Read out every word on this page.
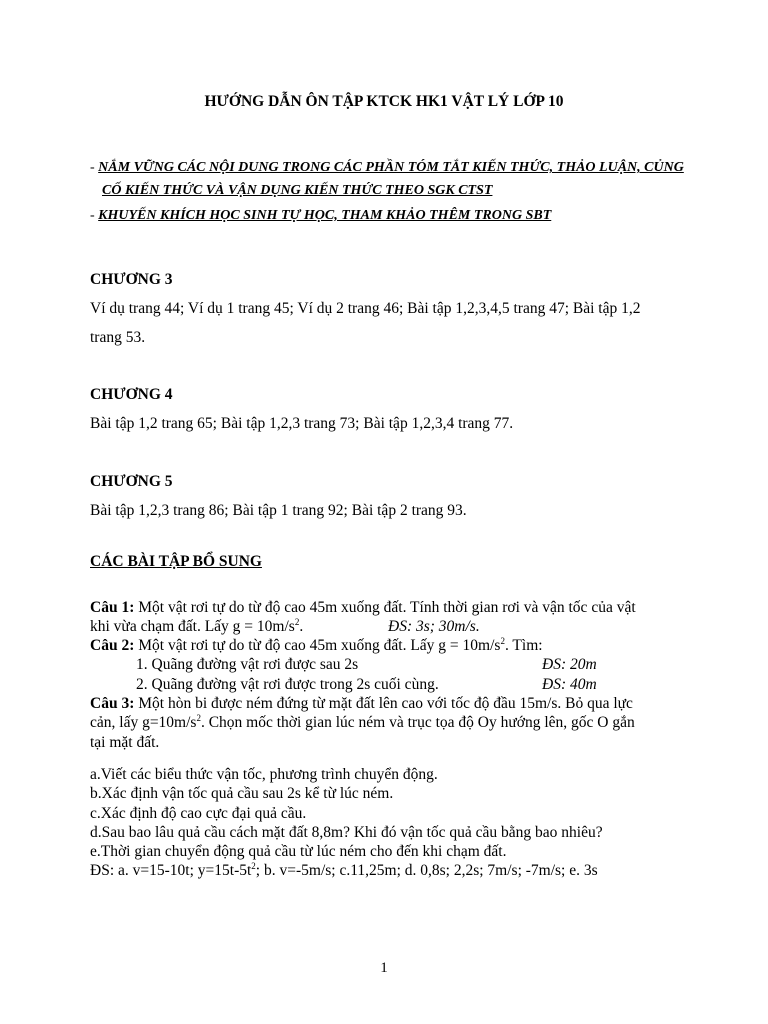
HƯỚNG DẪN ÔN TẬP KTCK HK1 VẬT LÝ LỚP 10
- NẮM VỮNG CÁC NỘI DUNG TRONG CÁC PHẦN TÓM TẮT KIẾN THỨC, THẢO LUẬN, CỦNG
CỐ KIẾN THỨC VÀ VẬN DỤNG KIẾN THỨC THEO SGK CTST
- KHUYẾN KHÍCH HỌC SINH TỰ HỌC, THAM KHẢO THÊM TRONG SBT
CHƯƠNG 3
Ví dụ trang 44; Ví dụ 1 trang 45; Ví dụ 2 trang 46; Bài tập 1,2,3,4,5 trang 47; Bài tập 1,2
trang 53.
CHƯƠNG 4
Bài tập 1,2 trang 65; Bài tập 1,2,3 trang 73; Bài tập 1,2,3,4 trang 77.
CHƯƠNG 5
Bài tập 1,2,3 trang 86; Bài tập 1 trang 92; Bài tập 2 trang 93.
CÁC BÀI TẬP BỔ SUNG
Câu 1: Một vật rơi tự do từ độ cao 45m xuống đất. Tính thời gian rơi và vận tốc của vật
khi vừa chạm đất. Lấy $g = 10m/s^2$.	ĐS: 3s; 30m/s.
Câu 2: Một vật rơi tự do từ độ cao 45m xuống đất. Lấy $g = 10m/s^2$. Tìm:
1. Quãng đường vật rơi được sau 2s	ĐS: 20m
2. Quãng đường vật rơi được trong 2s cuối cùng.	ĐS: 40m
Câu 3: Một hòn bi được ném đứng từ mặt đất lên cao với tốc độ đầu 15m/s. Bỏ qua lực
cản, lấy $g=10m/s^2$. Chọn mốc thời gian lúc ném và trục tọa độ Oy hướng lên, gốc O gắn
tại mặt đất.
a.Viết các biểu thức vận tốc, phương trình chuyển động.
b.Xác định vận tốc quả cầu sau 2s kể từ lúc ném.
c.Xác định độ cao cực đại quả cầu.
d.Sau bao lâu quả cầu cách mặt đất 8,8m? Khi đó vận tốc quả cầu bằng bao nhiêu?
e.Thời gian chuyển động quả cầu từ lúc ném cho đến khi chạm đất.
ĐS: a. v=15-10t; $y=15t-5t^2$; b. v=-5m/s; c.11,25m; d. 0,8s; 2,2s; 7m/s; -7m/s; e. 3s
1
